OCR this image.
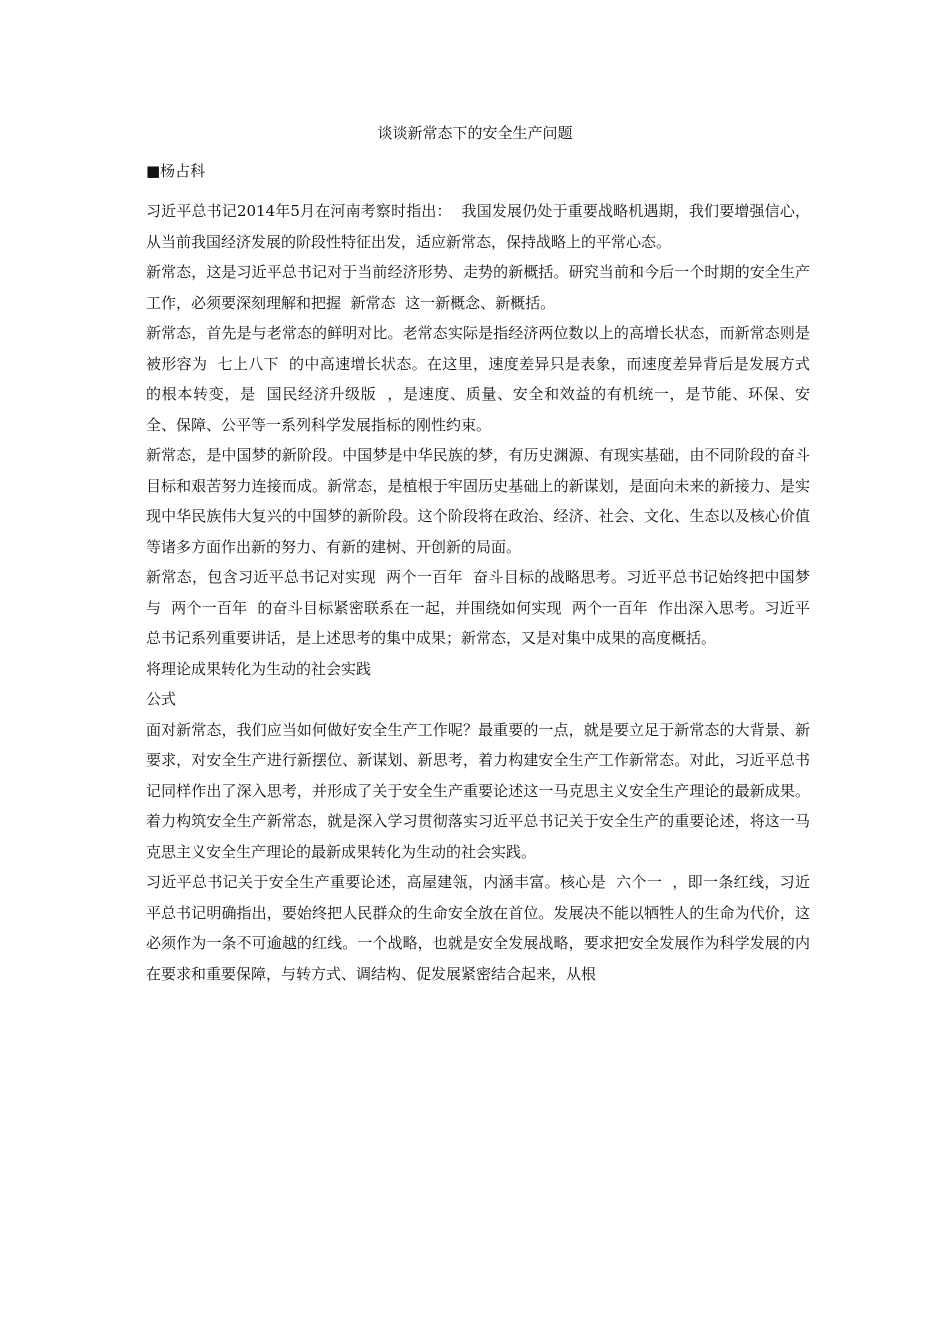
谈谈新常态下的安全生产问题

■杨占科

习近平总书记2014年5月在河南考察时指出：  我国发展仍处于重要战略机遇期，我们要增强信心，从当前我国经济发展的阶段性特征出发，适应新常态，保持战略上的平常心态。

新常态，这是习近平总书记对于当前经济形势、走势的新概括。研究当前和今后一个时期的安全生产工作，必须要深刻理解和把握  新常态  这一新概念、新概括。

新常态，首先是与老常态的鲜明对比。老常态实际是指经济两位数以上的高增长状态，而新常态则是被形容为  七上八下  的中高速增长状态。在这里，速度差异只是表象，而速度差异背后是发展方式的根本转变，是  国民经济升级版  ，是速度、质量、安全和效益的有机统一，是节能、环保、安全、保障、公平等一系列科学发展指标的刚性约束。

新常态，是中国梦的新阶段。中国梦是中华民族的梦，有历史渊源、有现实基础，由不同阶段的奋斗目标和艰苦努力连接而成。新常态，是植根于牢固历史基础上的新谋划，是面向未来的新接力、是实现中华民族伟大复兴的中国梦的新阶段。这个阶段将在政治、经济、社会、文化、生态以及核心价值等诸多方面作出新的努力、有新的建树、开创新的局面。

新常态，包含习近平总书记对实现  两个一百年  奋斗目标的战略思考。习近平总书记始终把中国梦与  两个一百年  的奋斗目标紧密联系在一起，并围绕如何实现  两个一百年  作出深入思考。习近平总书记系列重要讲话，是上述思考的集中成果；新常态，又是对集中成果的高度概括。

将理论成果转化为生动的社会实践

公式

面对新常态，我们应当如何做好安全生产工作呢？最重要的一点，就是要立足于新常态的大背景、新要求，对安全生产进行新摆位、新谋划、新思考，着力构建安全生产工作新常态。对此，习近平总书记同样作出了深入思考，并形成了关于安全生产重要论述这一马克思主义安全生产理论的最新成果。着力构筑安全生产新常态，就是深入学习贯彻落实习近平总书记关于安全生产的重要论述，将这一马克思主义安全生产理论的最新成果转化为生动的社会实践。

习近平总书记关于安全生产重要论述，高屋建瓴，内涵丰富。核心是  六个一  ，即一条红线，习近平总书记明确指出，要始终把人民群众的生命安全放在首位。发展决不能以牺牲人的生命为代价，这必须作为一条不可逾越的红线。一个战略，也就是安全发展战略，要求把安全发展作为科学发展的内在要求和重要保障，与转方式、调结构、促发展紧密结合起来，从根
